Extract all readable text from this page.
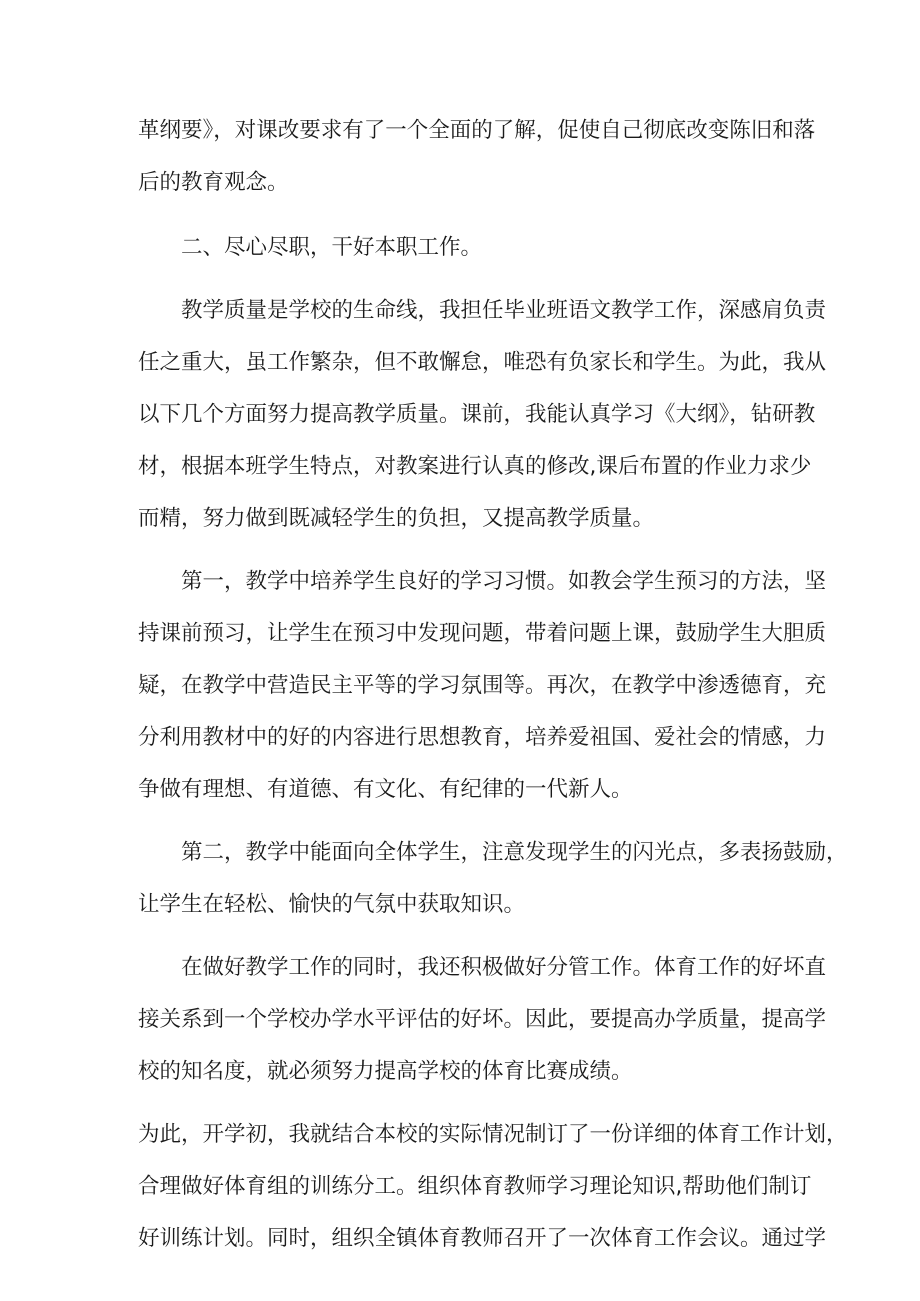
革纲要》，对课改要求有了一个全面的了解，促使自己彻底改变陈旧和落
后的教育观念。
二、尽心尽职，干好本职工作。
教学质量是学校的生命线，我担任毕业班语文教学工作，深感肩负责
任之重大，虽工作繁杂，但不敢懈怠，唯恐有负家长和学生。为此，我从
以下几个方面努力提高教学质量。课前，我能认真学习《大纲》，钻研教
材，根据本班学生特点，对教案进行认真的修改,课后布置的作业力求少
而精，努力做到既减轻学生的负担，又提高教学质量。
第一，教学中培养学生良好的学习习惯。如教会学生预习的方法，坚
持课前预习，让学生在预习中发现问题，带着问题上课，鼓励学生大胆质
疑，在教学中营造民主平等的学习氛围等。再次，在教学中渗透德育，充
分利用教材中的好的内容进行思想教育，培养爱祖国、爱社会的情感，力
争做有理想、有道德、有文化、有纪律的一代新人。
第二，教学中能面向全体学生，注意发现学生的闪光点，多表扬鼓励，
让学生在轻松、愉快的气氛中获取知识。
在做好教学工作的同时，我还积极做好分管工作。体育工作的好坏直
接关系到一个学校办学水平评估的好坏。因此，要提高办学质量，提高学
校的知名度，就必须努力提高学校的体育比赛成绩。
为此，开学初，我就结合本校的实际情况制订了一份详细的体育工作计划，
合理做好体育组的训练分工。组织体育教师学习理论知识,帮助他们制订
好训练计划。同时，组织全镇体育教师召开了一次体育工作会议。通过学
